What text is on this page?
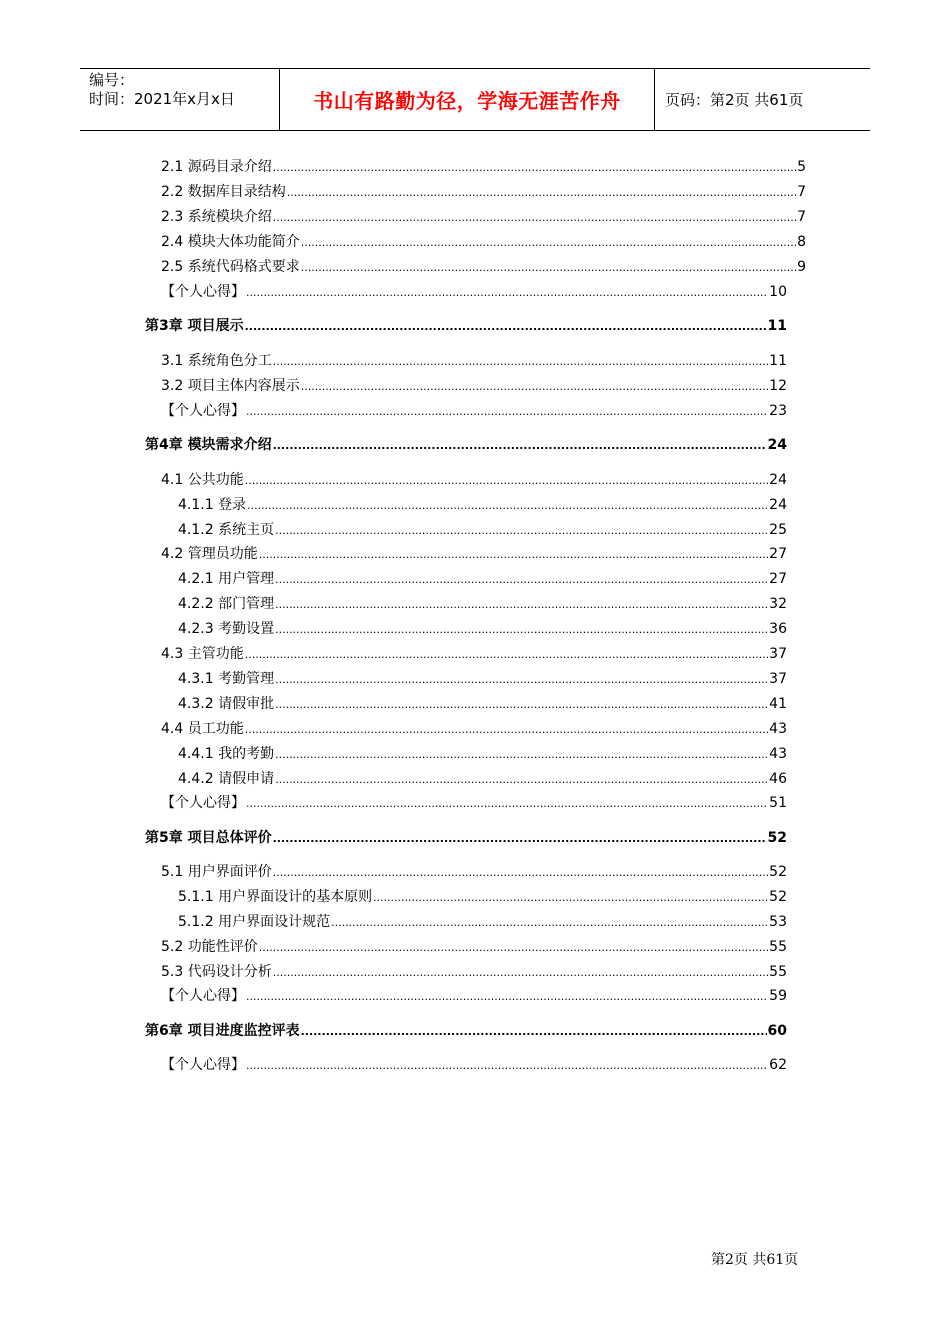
编号：
时间：2021年x月x日	书山有路勤为径，学海无涯苦作舟	页码：第2页 共61页
2.1 源码目录介绍 .....	5
2.2 数据库目录结构 .....	7
2.3 系统模块介绍 .....	7
2.4 模块大体功能简介 .....	8
2.5 系统代码格式要求 .....	9
【个人心得】 .....	10
第3章 项目展示 .....	11
3.1 系统角色分工 .....	11
3.2 项目主体内容展示 .....	12
【个人心得】 .....	23
第4章 模块需求介绍 .....	24
4.1 公共功能 .....	24
4.1.1 登录 .....	24
4.1.2 系统主页 .....	25
4.2 管理员功能 .....	27
4.2.1 用户管理 .....	27
4.2.2 部门管理 .....	32
4.2.3 考勤设置 .....	36
4.3 主管功能 .....	37
4.3.1 考勤管理 .....	37
4.3.2 请假审批 .....	41
4.4 员工功能 .....	43
4.4.1 我的考勤 .....	43
4.4.2 请假申请 .....	46
【个人心得】 .....	51
第5章 项目总体评价 .....	52
5.1 用户界面评价 .....	52
5.1.1 用户界面设计的基本原则 .....	52
5.1.2 用户界面设计规范 .....	53
5.2 功能性评价 .....	55
5.3 代码设计分析 .....	55
【个人心得】 .....	59
第6章 项目进度监控评表 .....	60
【个人心得】 .....	62
第2页 共61页
